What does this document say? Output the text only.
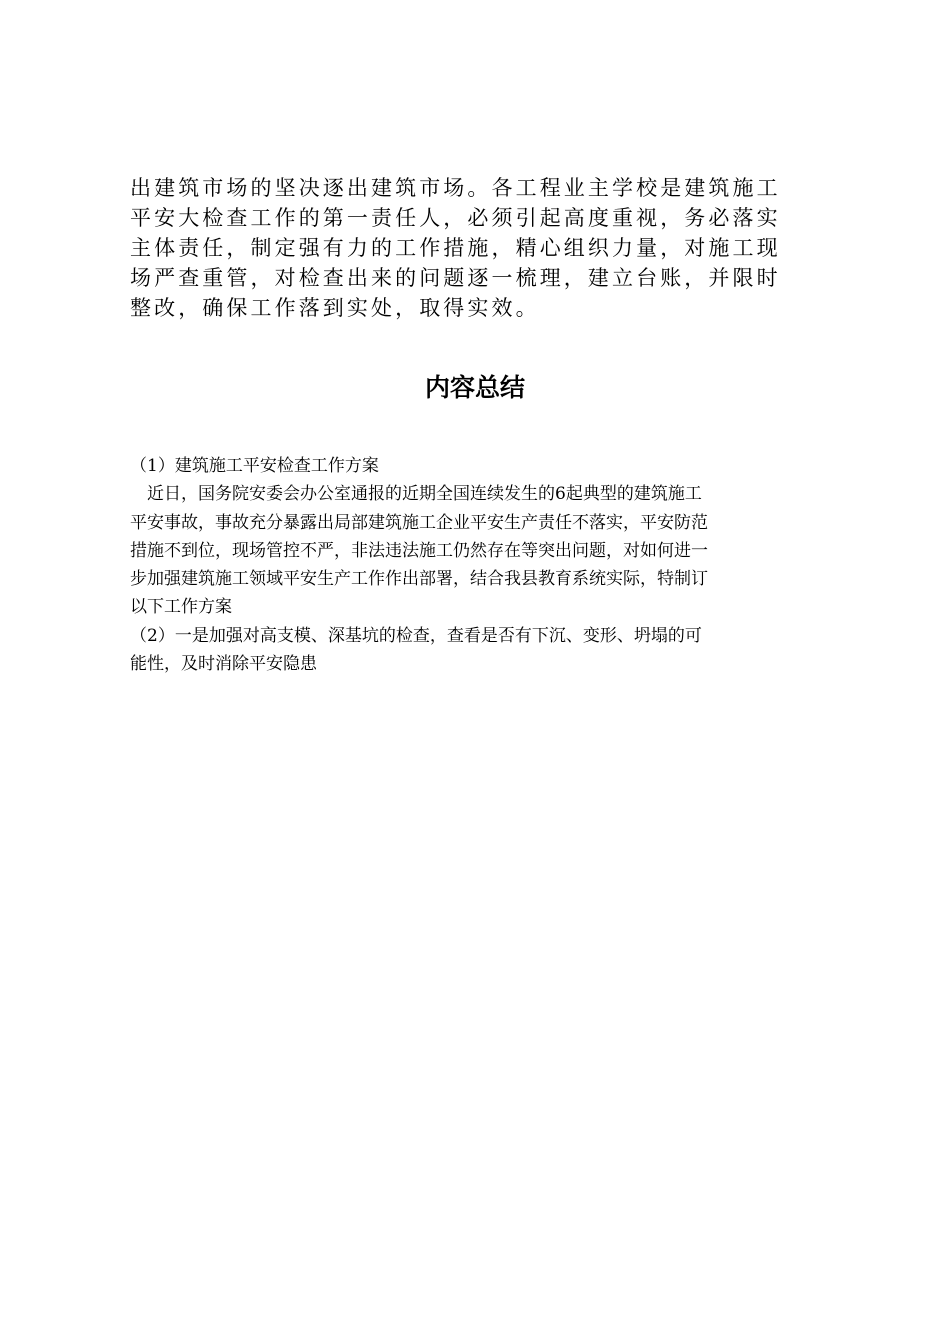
出建筑市场的坚决逐出建筑市场。各工程业主学校是建筑施工

平安大检查工作的第一责任人，必须引起高度重视，务必落实

主体责任，制定强有力的工作措施，精心组织力量，对施工现

场严查重管，对检查出来的问题逐一梳理，建立台账，并限时

整改，确保工作落到实处，取得实效。

内容总结

（1）建筑施工平安检查工作方案

　近日，国务院安委会办公室通报的近期全国连续发生的6起典型的建筑施工

平安事故，事故充分暴露出局部建筑施工企业平安生产责任不落实，平安防范

措施不到位，现场管控不严，非法违法施工仍然存在等突出问题，对如何进一

步加强建筑施工领域平安生产工作作出部署，结合我县教育系统实际，特制订

以下工作方案

（2）一是加强对高支模、深基坑的检查，查看是否有下沉、变形、坍塌的可

能性，及时消除平安隐患
